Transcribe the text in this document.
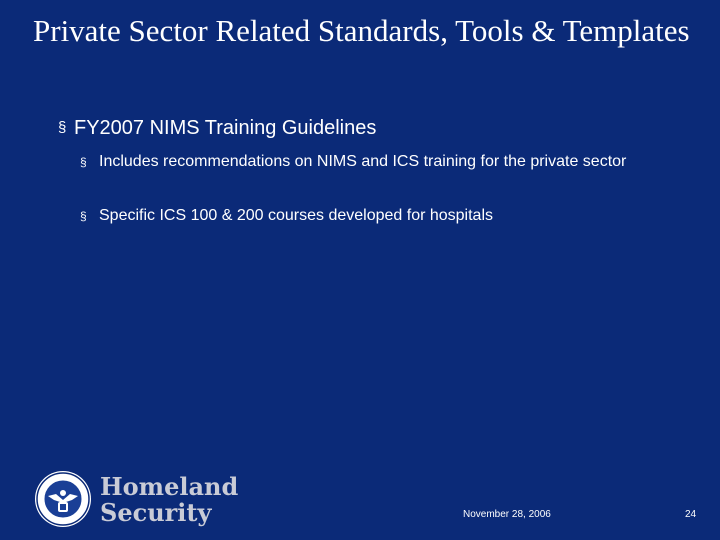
Private Sector Related Standards, Tools & Templates
§ FY2007 NIMS Training Guidelines
§ Includes recommendations on NIMS and ICS training for the private sector
§ Specific ICS 100 & 200 courses developed for hospitals
Homeland
Security	November 28, 2006	24
